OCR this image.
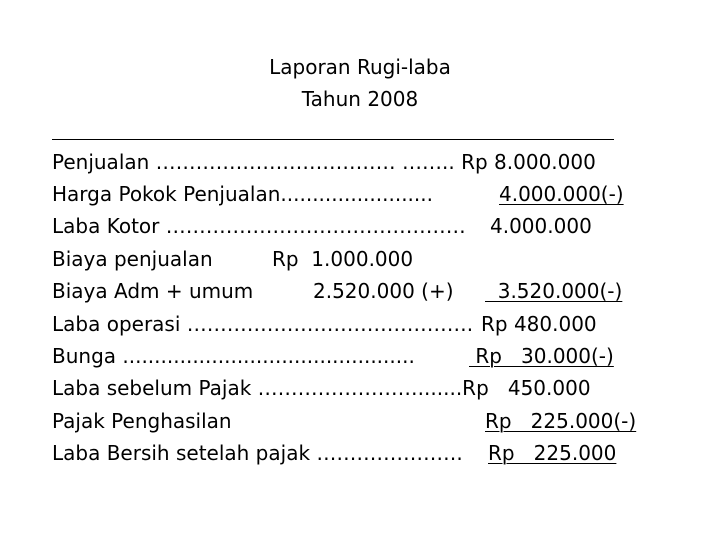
Laporan Rugi-laba
Tahun 2008
Penjualan ……………………………… …….. Rp 8.000.000
Harga Pokok Penjualan........................	4.000.000(-)
Laba Kotor ……………………………………… 4.000.000
Biaya penjualan	Rp  1.000.000
Biaya Adm + umum	2.520.000 (+) 3.520.000(-)
Laba operasi ……………………………………. Rp 480.000
Bunga ..............................................	Rp   30.000(-)
Laba sebelum Pajak …………………….......Rp   450.000
Pajak Penghasilan	Rp   225.000(-)
Laba Bersih setelah pajak …………………. Rp   225.000
